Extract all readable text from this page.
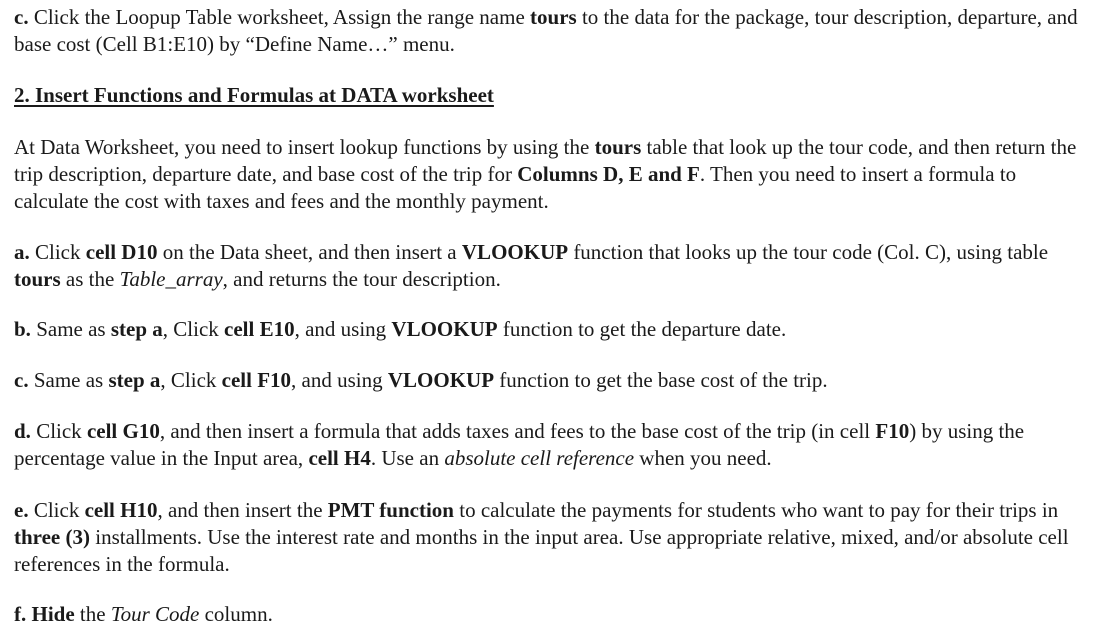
c. Click the Loopup Table worksheet, Assign the range name tours to the data for the package, tour description, departure, and base cost (Cell B1:E10) by “Define Name…” menu.

2. Insert Functions and Formulas at DATA worksheet

At Data Worksheet, you need to insert lookup functions by using the tours table that look up the tour code, and then return the trip description, departure date, and base cost of the trip for Columns D, E and F. Then you need to insert a formula to calculate the cost with taxes and fees and the monthly payment.

a. Click cell D10 on the Data sheet, and then insert a VLOOKUP function that looks up the tour code (Col. C), using table tours as the Table_array, and returns the tour description.

b. Same as step a, Click cell E10, and using VLOOKUP function to get the departure date.

c. Same as step a, Click cell F10, and using VLOOKUP function to get the base cost of the trip.

d. Click cell G10, and then insert a formula that adds taxes and fees to the base cost of the trip (in cell F10) by using the percentage value in the Input area, cell H4. Use an absolute cell reference when you need.

e. Click cell H10, and then insert the PMT function to calculate the payments for students who want to pay for their trips in three (3) installments. Use the interest rate and months in the input area. Use appropriate relative, mixed, and/or absolute cell references in the formula.

f. Hide the Tour Code column.
